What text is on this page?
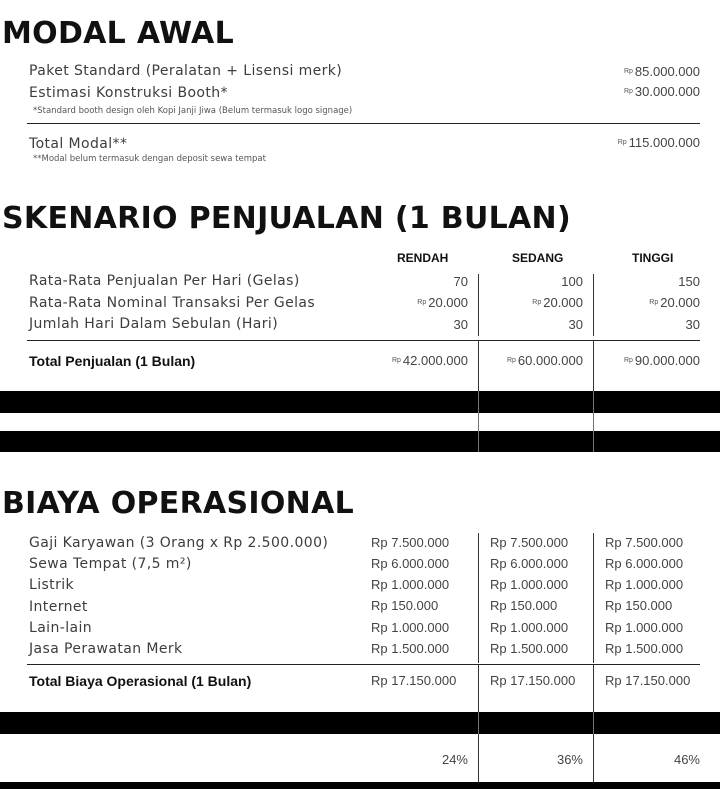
MODAL AWAL
Paket Standard (Peralatan + Lisensi merk)	$^{Rp}$ 85.000.000
Estimasi Konstruksi Booth*	$^{Rp}$ 30.000.000
*Standard booth design oleh Kopi Janji Jiwa (Belum termasuk logo signage)
Total Modal**	$^{Rp}$ 115.000.000
**Modal belum termasuk dengan deposit sewa tempat
SKENARIO PENJUALAN (1 BULAN)
RENDAH	SEDANG	TINGGI
Rata-Rata Penjualan Per Hari (Gelas)	70	100	150
Rata-Rata Nominal Transaksi Per Gelas	$^{Rp}$ 20.000	$^{Rp}$ 20.000	$^{Rp}$ 20.000
Jumlah Hari Dalam Sebulan (Hari)	30	30	30
Total Penjualan (1 Bulan)	$^{Rp}$ 42.000.000	$^{Rp}$ 60.000.000	$^{Rp}$ 90.000.000
BIAYA OPERASIONAL
Gaji Karyawan (3 Orang x Rp 2.500.000)	Rp 7.500.000	Rp 7.500.000	Rp 7.500.000
Sewa Tempat (7,5 m²)	Rp 6.000.000	Rp 6.000.000	Rp 6.000.000
Listrik	Rp 1.000.000	Rp 1.000.000	Rp 1.000.000
Internet	Rp 150.000	Rp 150.000	Rp 150.000
Lain-lain	Rp 1.000.000	Rp 1.000.000	Rp 1.000.000
Jasa Perawatan Merk	Rp 1.500.000	Rp 1.500.000	Rp 1.500.000
Total Biaya Operasional (1 Bulan)	Rp 17.150.000	Rp 17.150.000 Rp 17.150.000
24%	36%	46%
